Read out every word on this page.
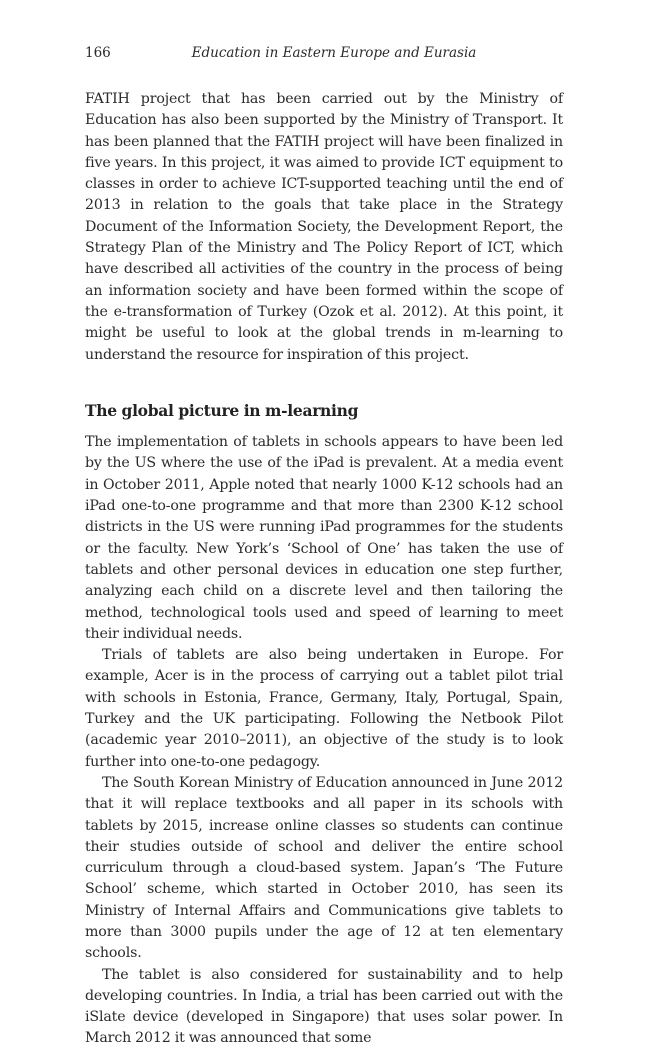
166	Education in Eastern Europe and Eurasia

FATIH project that has been carried out by the Ministry of Education has also been supported by the Ministry of Transport. It has been planned that the FATIH project will have been finalized in five years. In this project, it was aimed to provide ICT equipment to classes in order to achieve ICT-supported teaching until the end of 2013 in relation to the goals that take place in the Strategy Document of the Information Society, the Development Report, the Strategy Plan of the Ministry and The Policy Report of ICT, which have described all activities of the country in the process of being an information society and have been formed within the scope of the e-transformation of Turkey (Ozok et al. 2012). At this point, it might be useful to look at the global trends in m-learning to understand the resource for inspiration of this project.

The global picture in m-learning

The implementation of tablets in schools appears to have been led by the US where the use of the iPad is prevalent. At a media event in October 2011, Apple noted that nearly 1000 K-12 schools had an iPad one-to-one programme and that more than 2300 K-12 school districts in the US were running iPad programmes for the students or the faculty. New York’s ‘School of One’ has taken the use of tablets and other personal devices in education one step further, analyzing each child on a discrete level and then tailoring the method, technological tools used and speed of learning to meet their individual needs.

Trials of tablets are also being undertaken in Europe. For example, Acer is in the process of carrying out a tablet pilot trial with schools in Estonia, France, Germany, Italy, Portugal, Spain, Turkey and the UK participating. Following the Netbook Pilot (academic year 2010–2011), an objective of the study is to look further into one-to-one pedagogy.

The South Korean Ministry of Education announced in June 2012 that it will replace textbooks and all paper in its schools with tablets by 2015, increase online classes so students can continue their studies outside of school and deliver the entire school curriculum through a cloud-based system. Japan’s ‘The Future School’ scheme, which started in October 2010, has seen its Ministry of Internal Affairs and Communications give tablets to more than 3000 pupils under the age of 12 at ten elementary schools.

The tablet is also considered for sustainability and to help developing countries. In India, a trial has been carried out with the iSlate device (developed in Singapore) that uses solar power. In March 2012 it was announced that some
